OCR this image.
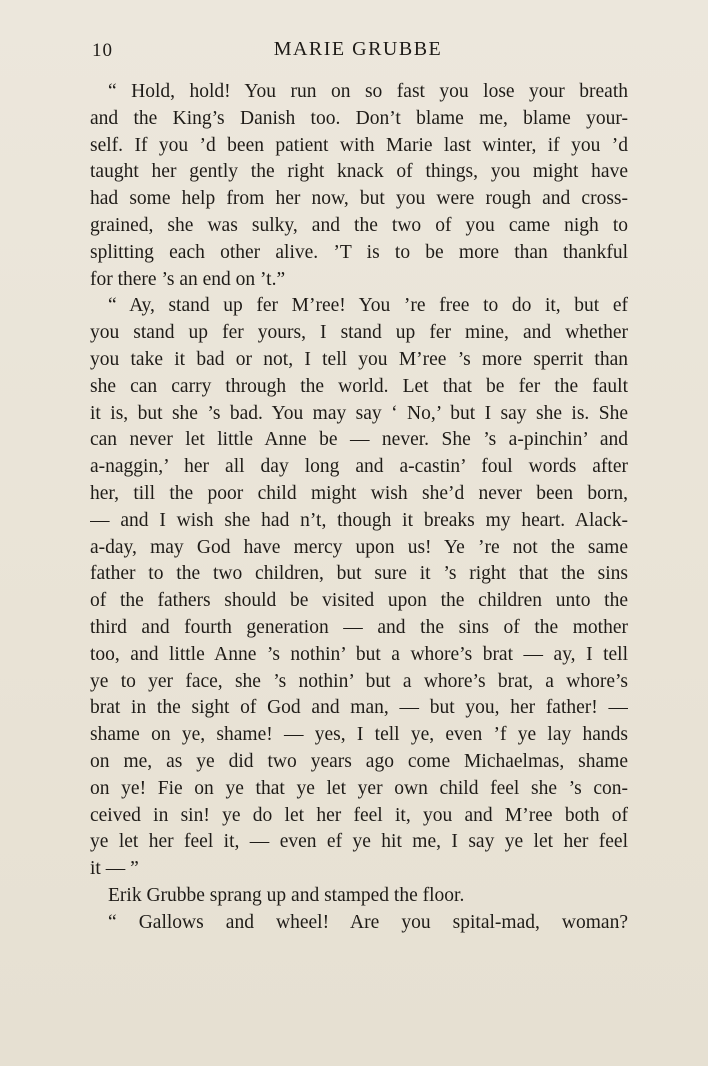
10	MARIE GRUBBE
“ Hold, hold! You run on so fast you lose your breath
and the King’s Danish too. Don’t blame me, blame your-
self. If you ’d been patient with Marie last winter, if you ’d
taught her gently the right knack of things, you might have
had some help from her now, but you were rough and cross-
grained, she was sulky, and the two of you came nigh to
splitting each other alive. ’T is to be more than thankful
for there ’s an end on ’t.”
“ Ay, stand up fer M’ree! You ’re free to do it, but ef
you stand up fer yours, I stand up fer mine, and whether
you take it bad or not, I tell you M’ree ’s more sperrit than
she can carry through the world. Let that be fer the fault
it is, but she ’s bad. You may say ‘ No,’ but I say she is. She
can never let little Anne be — never. She ’s a-pinchin’ and
a-naggin,’ her all day long and a-castin’ foul words after
her, till the poor child might wish she’d never been born,
— and I wish she had n’t, though it breaks my heart. Alack-
a-day, may God have mercy upon us! Ye ’re not the same
father to the two children, but sure it ’s right that the sins
of the fathers should be visited upon the children unto the
third and fourth generation — and the sins of the mother
too, and little Anne ’s nothin’ but a whore’s brat — ay, I tell
ye to yer face, she ’s nothin’ but a whore’s brat, a whore’s
brat in the sight of God and man, — but you, her father! —
shame on ye, shame! — yes, I tell ye, even ’f ye lay hands
on me, as ye did two years ago come Michaelmas, shame
on ye! Fie on ye that ye let yer own child feel she ’s con-
ceived in sin! ye do let her feel it, you and M’ree both of
ye let her feel it, — even ef ye hit me, I say ye let her feel
it — ”
Erik Grubbe sprang up and stamped the floor.
“ Gallows and wheel! Are you spital-mad, woman?
